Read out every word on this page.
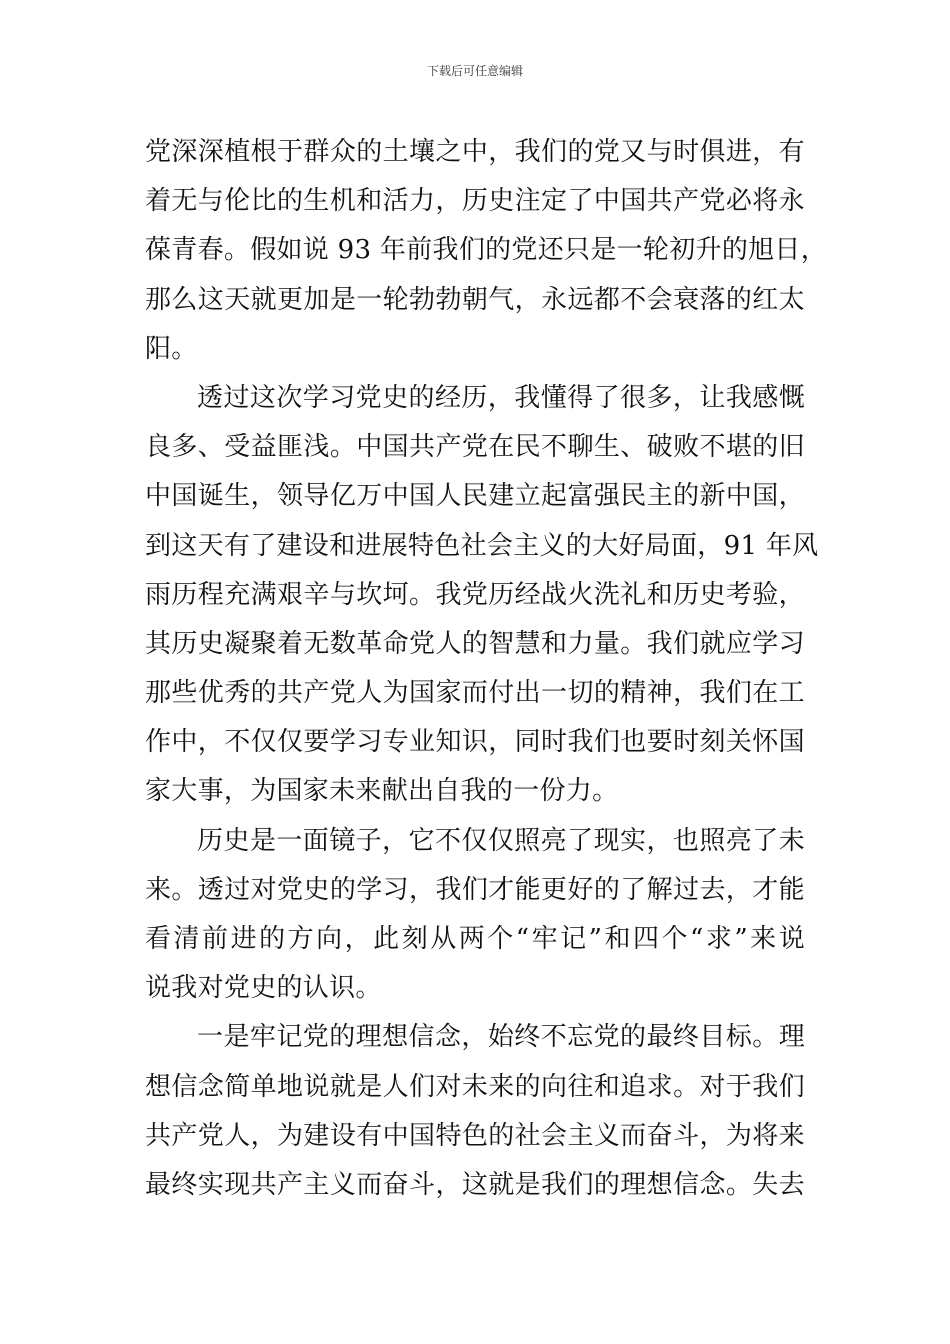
下载后可任意编辑
党深深植根于群众的土壤之中，我们的党又与时俱进，有
着无与伦比的生机和活力，历史注定了中国共产党必将永
葆青春。假如说 93 年前我们的党还只是一轮初升的旭日，
那么这天就更加是一轮勃勃朝气，永远都不会衰落的红太
阳。
透过这次学习党史的经历，我懂得了很多，让我感慨
良多、受益匪浅。中国共产党在民不聊生、破败不堪的旧
中国诞生，领导亿万中国人民建立起富强民主的新中国，
到这天有了建设和进展特色社会主义的大好局面，91 年风
雨历程充满艰辛与坎坷。我党历经战火洗礼和历史考验，
其历史凝聚着无数革命党人的智慧和力量。我们就应学习
那些优秀的共产党人为国家而付出一切的精神，我们在工
作中，不仅仅要学习专业知识，同时我们也要时刻关怀国
家大事，为国家未来献出自我的一份力。
历史是一面镜子，它不仅仅照亮了现实，也照亮了未
来。透过对党史的学习，我们才能更好的了解过去，才能
看清前进的方向，此刻从两个“牢记”和四个“求”来说
说我对党史的认识。
一是牢记党的理想信念，始终不忘党的最终目标。理
想信念简单地说就是人们对未来的向往和追求。对于我们
共产党人，为建设有中国特色的社会主义而奋斗，为将来
最终实现共产主义而奋斗，这就是我们的理想信念。失去
